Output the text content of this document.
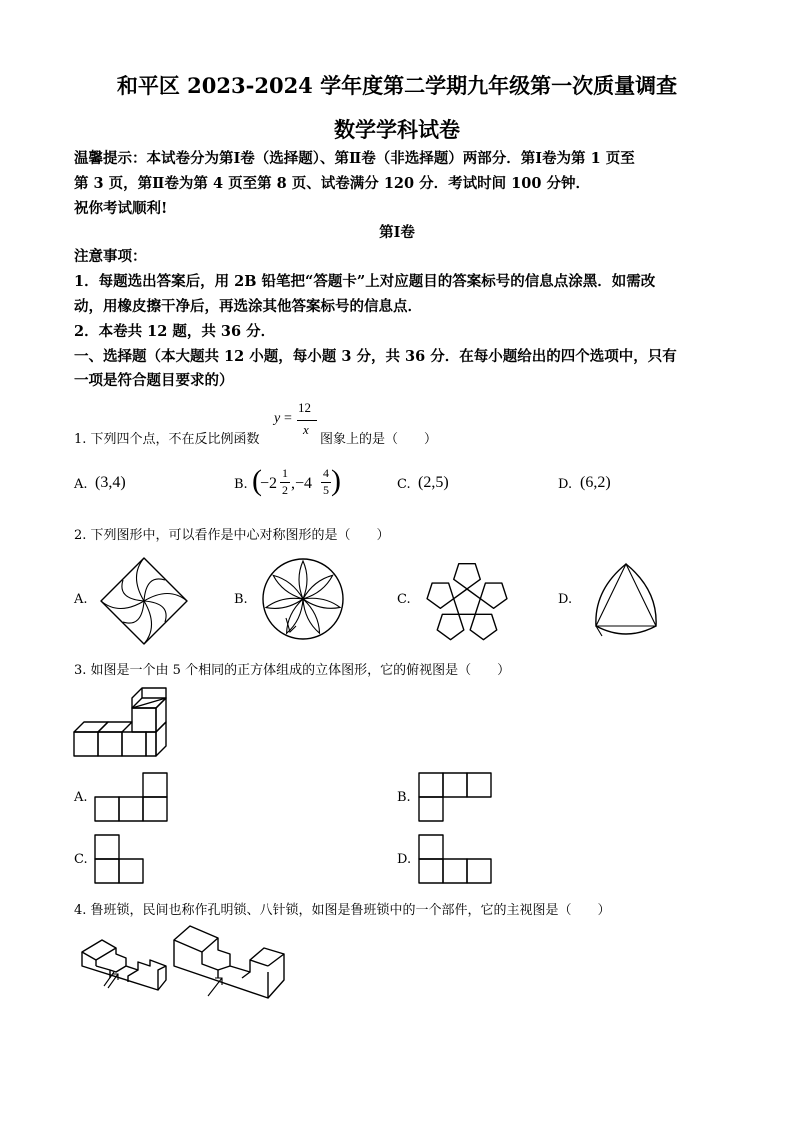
和平区 2023-2024 学年度第二学期九年级第一次质量调查
数学学科试卷
温馨提示：本试卷分为第Ⅰ卷（选择题）、第Ⅱ卷（非选择题）两部分．第Ⅰ卷为第 1 页至
第 3 页，第Ⅱ卷为第 4 页至第 8 页、试卷满分 120 分．考试时间 100 分钟．
祝你考试顺利!
第Ⅰ卷
注意事项：
1．每题选出答案后，用 2B 铅笔把“答题卡”上对应题目的答案标号的信息点涂黑．如需改
动，用橡皮擦干净后，再选涂其他答案标号的信息点．
2．本卷共 12 题，共 36 分．
一、选择题（本大题共 12 小题，每小题 3 分，共 36 分．在每小题给出的四个选项中，只有
一项是符合题目要求的）
1. 下列四个点，不在反比例函数
y =
12
x
图象上的是（　　）
A. (3,4)	B. (
−2
1
2 ,−4
4
5 )	C. (2,5)	D. (6,2)
2. 下列图形中，可以看作是中心对称图形的是（　　）
A.	B.	C.	D.
3. 如图是一个由 5 个相同的正方体组成的立体图形，它的俯视图是（　　）
A.	B.
C.	D.
4. 鲁班锁，民间也称作孔明锁、八针锁，如图是鲁班锁中的一个部件，它的主视图是（　　）
